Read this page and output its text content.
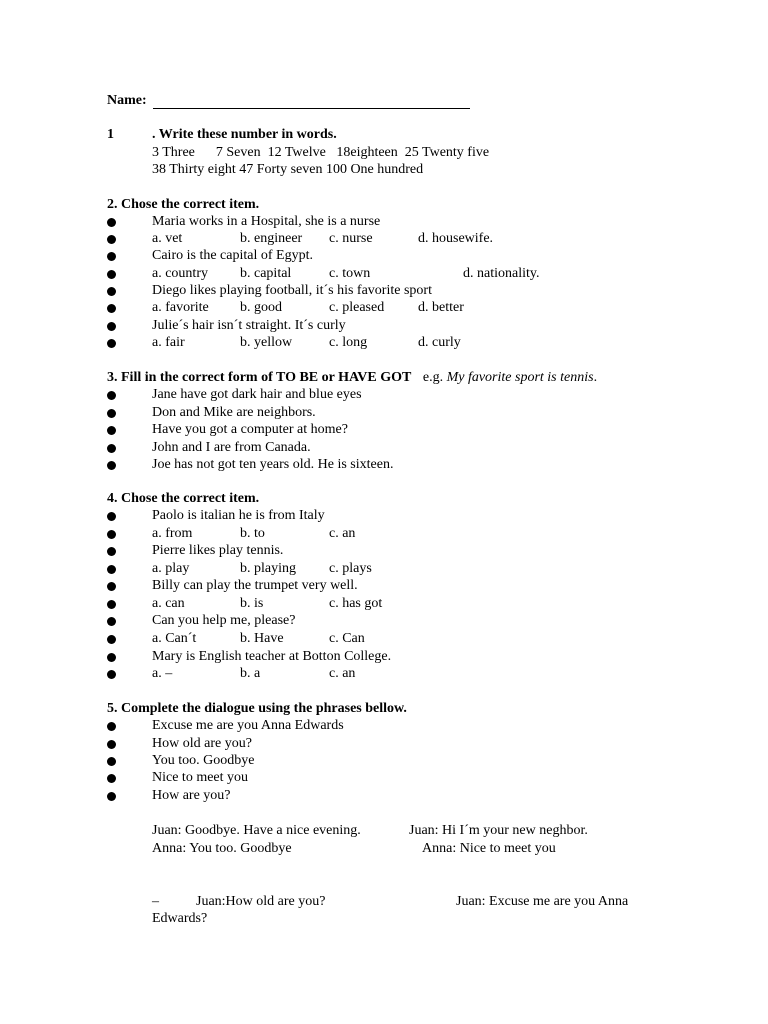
Name:
1	. Write these number in words.
3 Three      7 Seven  12 Twelve   18eighteen  25 Twenty five
38 Thirty eight 47 Forty seven 100 One hundred
2. Chose the correct item.
Maria works in a Hospital, she is a nurse
a. vet	b. engineer c. nurse	d. housewife.
Cairo is the capital of Egypt.
a. country b. capital	c. town	d. nationality.
Diego likes playing football, it´s his favorite sport
a. favorite b. good	c. pleased d. better
Julie´s hair isn´t straight. It´s curly
a. fair	b. yellow	c. long	d. curly
3. Fill in the correct form of TO BE or HAVE GOT e.g. My favorite sport is tennis.
Jane have got dark hair and blue eyes
Don and Mike are neighbors.
Have you got a computer at home?
John and I are from Canada.
Joe has not got ten years old. He is sixteen.
4. Chose the correct item.
Paolo is italian he is from Italy
a. from	b. to	c. an
Pierre likes play tennis.
a. play	b. playing c. plays
Billy can play the trumpet very well.
a. can	b. is	c. has got
Can you help me, please?
a. Can´t	b. Have	c. Can
Mary is English teacher at Botton College.
a. –	b. a	c. an
5. Complete the dialogue using the phrases bellow.
Excuse me are you Anna Edwards
How old are you?
You too. Goodbye
Nice to meet you
How are you?
Juan: Goodbye. Have a nice evening.	Juan: Hi I´m your new neghbor.
Anna: You too. Goodbye	Anna: Nice to meet you
–	Juan:How old are you?	Juan: Excuse me are you Anna
Edwards?
